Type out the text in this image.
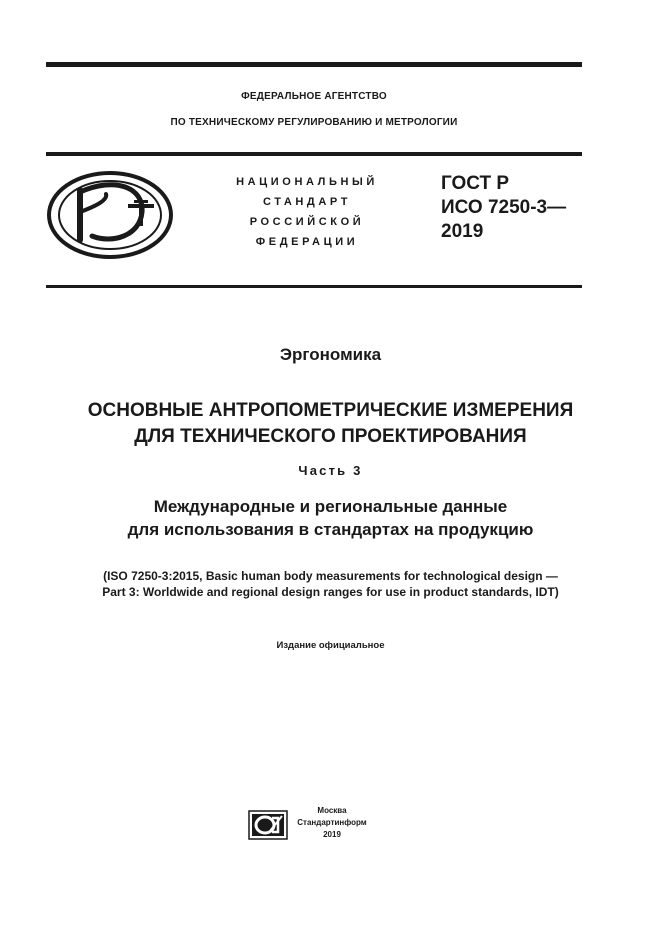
ФЕДЕРАЛЬНОЕ АГЕНТСТВО
ПО ТЕХНИЧЕСКОМУ РЕГУЛИРОВАНИЮ И МЕТРОЛОГИИ
НАЦИОНАЛЬНЫЙ
СТАНДАРТ
РОССИЙСКОЙ
ФЕДЕРАЦИИ
ГОСТ Р
ИСО 7250-3—
2019
Эргономика
ОСНОВНЫЕ АНТРОПОМЕТРИЧЕСКИЕ ИЗМЕРЕНИЯ
ДЛЯ ТЕХНИЧЕСКОГО ПРОЕКТИРОВАНИЯ
Часть 3
Международные и региональные данные
для использования в стандартах на продукцию
(ISO 7250-3:2015, Basic human body measurements for technological design —
Part 3: Worldwide and regional design ranges for use in product standards, IDT)
Издание официальное
Москва
Стандартинформ
2019
